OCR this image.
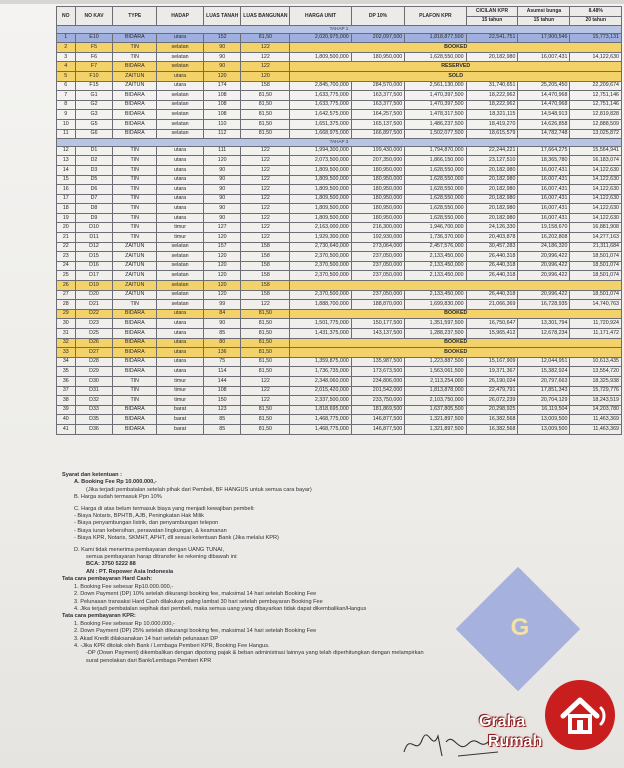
NO	NO KAV	TYPE	HADAP	LUAS TANAH	LUAS BANGUNAN	HARGA UNIT	DP 10%	PLAFON KPR	CICILAN KPR	Asumsi bunga	8.48%
									15 tahun	15 tahun	20 tahun
TAHAP 1											
1	E10	BIDARA	utara	152	81,50	2,020,975,000	202,097,500	1,818,877,500	22,541,751	17,900,546	15,773,131
2	F5	TIN	selatan	90	122	BOOKED					
3	F6	TIN	selatan	90	122	1,809,500,000	180,950,000	1,628,550,000	20,182,980	16,007,431	14,122,630
4	F7	BIDARA	selatan	90	122	RESERVED					
5	F10	ZAITUN	utara	120	120	SOLD					
6	F15	ZAITUN	utara	174	158	2,845,700,000	284,570,000	2,561,130,000	31,740,651	25,205,450	22,209,674
7	G1	BIDARA	selatan	108	81,50	1,633,775,000	163,377,500	1,470,397,500	18,222,962	14,470,968	12,751,146
8	G2	BIDARA	selatan	108	81,50	1,633,775,000	163,377,500	1,470,397,500	18,222,962	14,470,968	12,751,146
9	G3	BIDARA	selatan	108	81,50	1,642,575,000	164,257,500	1,478,317,500	18,321,115	14,548,913	12,819,828
10	G5	BIDARA	selatan	110	81,50	1,651,375,000	165,137,500	1,486,237,500	18,419,270	14,626,858	12,888,509
11	G6	BIDARA	selatan	112	81,50	1,668,975,000	166,897,500	1,502,077,500	18,615,579	14,782,748	13,025,872
TAHAP 3											
12	D1	TIN	utara	111	122	1,994,300,000	199,430,000	1,794,870,000	22,244,221	17,664,275	15,564,941
13	D2	TIN	utara	120	122	2,073,500,000	207,350,000	1,866,150,000	23,127,510	18,365,780	16,183,074
14	D3	TIN	utara	90	122	1,809,500,000	180,950,000	1,628,550,000	20,182,980	16,007,431	14,122,630
15	D5	TIN	utara	90	122	1,809,500,000	180,950,000	1,628,550,000	20,182,980	16,007,431	14,122,630
16	D6	TIN	utara	90	122	1,809,500,000	180,950,000	1,628,550,000	20,182,980	16,007,431	14,122,630
17	D7	TIN	utara	90	122	1,809,500,000	180,950,000	1,628,550,000	20,182,980	16,007,431	14,122,630
18	D8	TIN	utara	90	122	1,809,500,000	180,950,000	1,628,550,000	20,182,980	16,007,431	14,122,630
19	D9	TIN	utara	90	122	1,809,500,000	180,950,000	1,628,550,000	20,182,980	16,007,431	14,122,630
20	D10	TIN	timur	127	122	2,163,000,000	216,300,000	1,946,700,000	24,126,330	19,158,670	16,881,908
21	D11	TIN	timur	120	122	1,929,300,000	192,930,000	1,736,370,000	20,403,878	16,202,808	14,277,163
22	D12	ZAITUN	selatan	157	158	2,730,640,000	273,064,000	2,457,576,000	30,457,283	24,186,320	21,311,684
23	D15	ZAITUN	selatan	120	158	2,370,500,000	237,050,000	2,133,450,000	26,440,318	20,996,422	18,501,074
24	D16	ZAITUN	selatan	120	158	2,370,500,000	237,050,000	2,133,450,000	26,440,318	20,996,422	18,501,074
25	D17	ZAITUN	selatan	120	158	2,370,500,000	237,050,000	2,133,450,000	26,440,318	20,996,422	18,501,074
26	D19	ZAITUN	selatan	120	158						
27	D20	ZAITUN	selatan	120	158	2,370,500,000	237,050,000	2,133,450,000	26,440,318	20,996,422	18,501,074
28	D21	TIN	selatan	99	122	1,888,700,000	188,870,000	1,699,830,000	21,066,369	16,728,935	14,740,763
29	D22	BIDARA	utara	84	81,50	BOOKED					
30	D23	BIDARA	utara	90	81,50	1,501,775,000	150,177,500	1,351,597,500	16,750,647	13,301,794	11,720,924
31	D25	BIDARA	utara	85	81,50	1,431,375,000	143,137,500	1,288,237,500	15,965,412	12,678,234	11,171,472
32	D26	BIDARA	utara	80	81,50	BOOKED					
33	D27	BIDARA	utara	136	81,50	BOOKED					
34	D28	BIDARA	utara	75	81,50	1,359,875,000	135,987,500	1,223,887,500	15,167,909	12,044,951	10,613,435
35	D29	BIDARA	utara	114	81,50	1,736,735,000	173,673,500	1,563,061,500	19,371,367	15,382,924	13,554,720
36	D30	TIN	timur	144	122	2,348,060,000	234,806,000	2,113,254,000	26,190,024	20,797,663	18,325,938
37	D31	TIN	timur	108	122	2,015,420,000	201,542,000	1,813,878,000	22,479,791	17,851,343	15,729,776
38	D32	TIN	timur	150	122	2,337,500,000	233,750,000	2,103,750,000	26,072,239	20,704,129	18,243,519
39	D33	BIDARA	barat	123	81,50	1,818,695,000	181,869,500	1,637,805,500	20,298,925	16,119,504	14,203,780
40	D35	BIDARA	barat	85	81,50	1,468,775,000	146,877,500	1,321,897,500	16,382,568	13,009,500	11,463,369
41	D36	BIDARA	barat	85	81,50	1,468,775,000	146,877,500	1,321,897,500	16,382,568	13,009,500	11,463,369

Syarat dan ketentuan :

A. Booking Fee Rp 10.000.000,-

(Jika terjadi pembatalan setelah pihak dari Pembeli, BF HANGUS untuk semua cara bayar)

B. Harga sudah termasuk Ppn 10%

C. Harga di atas belum termasuk biaya yang menjadi kewajiban pembeli:

- Biaya Notaris, BPHTB, AJB, Peningkatan Hak Milik

- Biaya penyambungan listrik, dan penyambungan telepon

- Biaya iuran kebersihan, perawatan lingkungan, & keamanan

- Biaya KPR, Notaris, SKMHT, APHT, dll sesuai ketentuan Bank (Jika melalui KPR)

D. Kami tidak menerima pembayaran dengan UANG TUNAI,

semua pembayaran harap ditransfer ke rekening dibawah ini:

BCA: 3750 5222 88

AN : PT. Repower Asia Indonesia

Tata cara pembayaran Hard Cash:

1. Booking Fee sebesar Rp10.000.000,-

2. Down Payment (DP) 10% setelah dikurangi booking fee, maksimal 14 hari setelah Booking Fee

3. Pelunasan transaksi Hard Cash dilakukan paling lambat 30 hari setelah pembayaran Booking Fee

4. Jika terjadi pembatalan sepihak dari pembeli, maka semua uang yang dibayarkan tidak dapat dikembalikan/Hangus

Tata cara pembayaran KPR:

1. Booking Fee sebesar Rp 10.000.000,-

2. Down Payment (DP) 25% setelah dikurangi booking fee, maksimal 14 hari setelah Booking Fee

3. Akad Kredit dilaksanakan 14 hari setelah pelunasan DP

4. -Jika KPR ditolak oleh Bank / Lembaga Pemberi KPR, Booking Fee Hangus.

-DP (Down Payment) dikembalikan dengan dipotong pajak & beban administrasi lainnya yang telah diperhitungkan dengan melampirkan

surat penolakan dari Bank/Lembaga Pemberi KPR

G
Graha
Rumah
